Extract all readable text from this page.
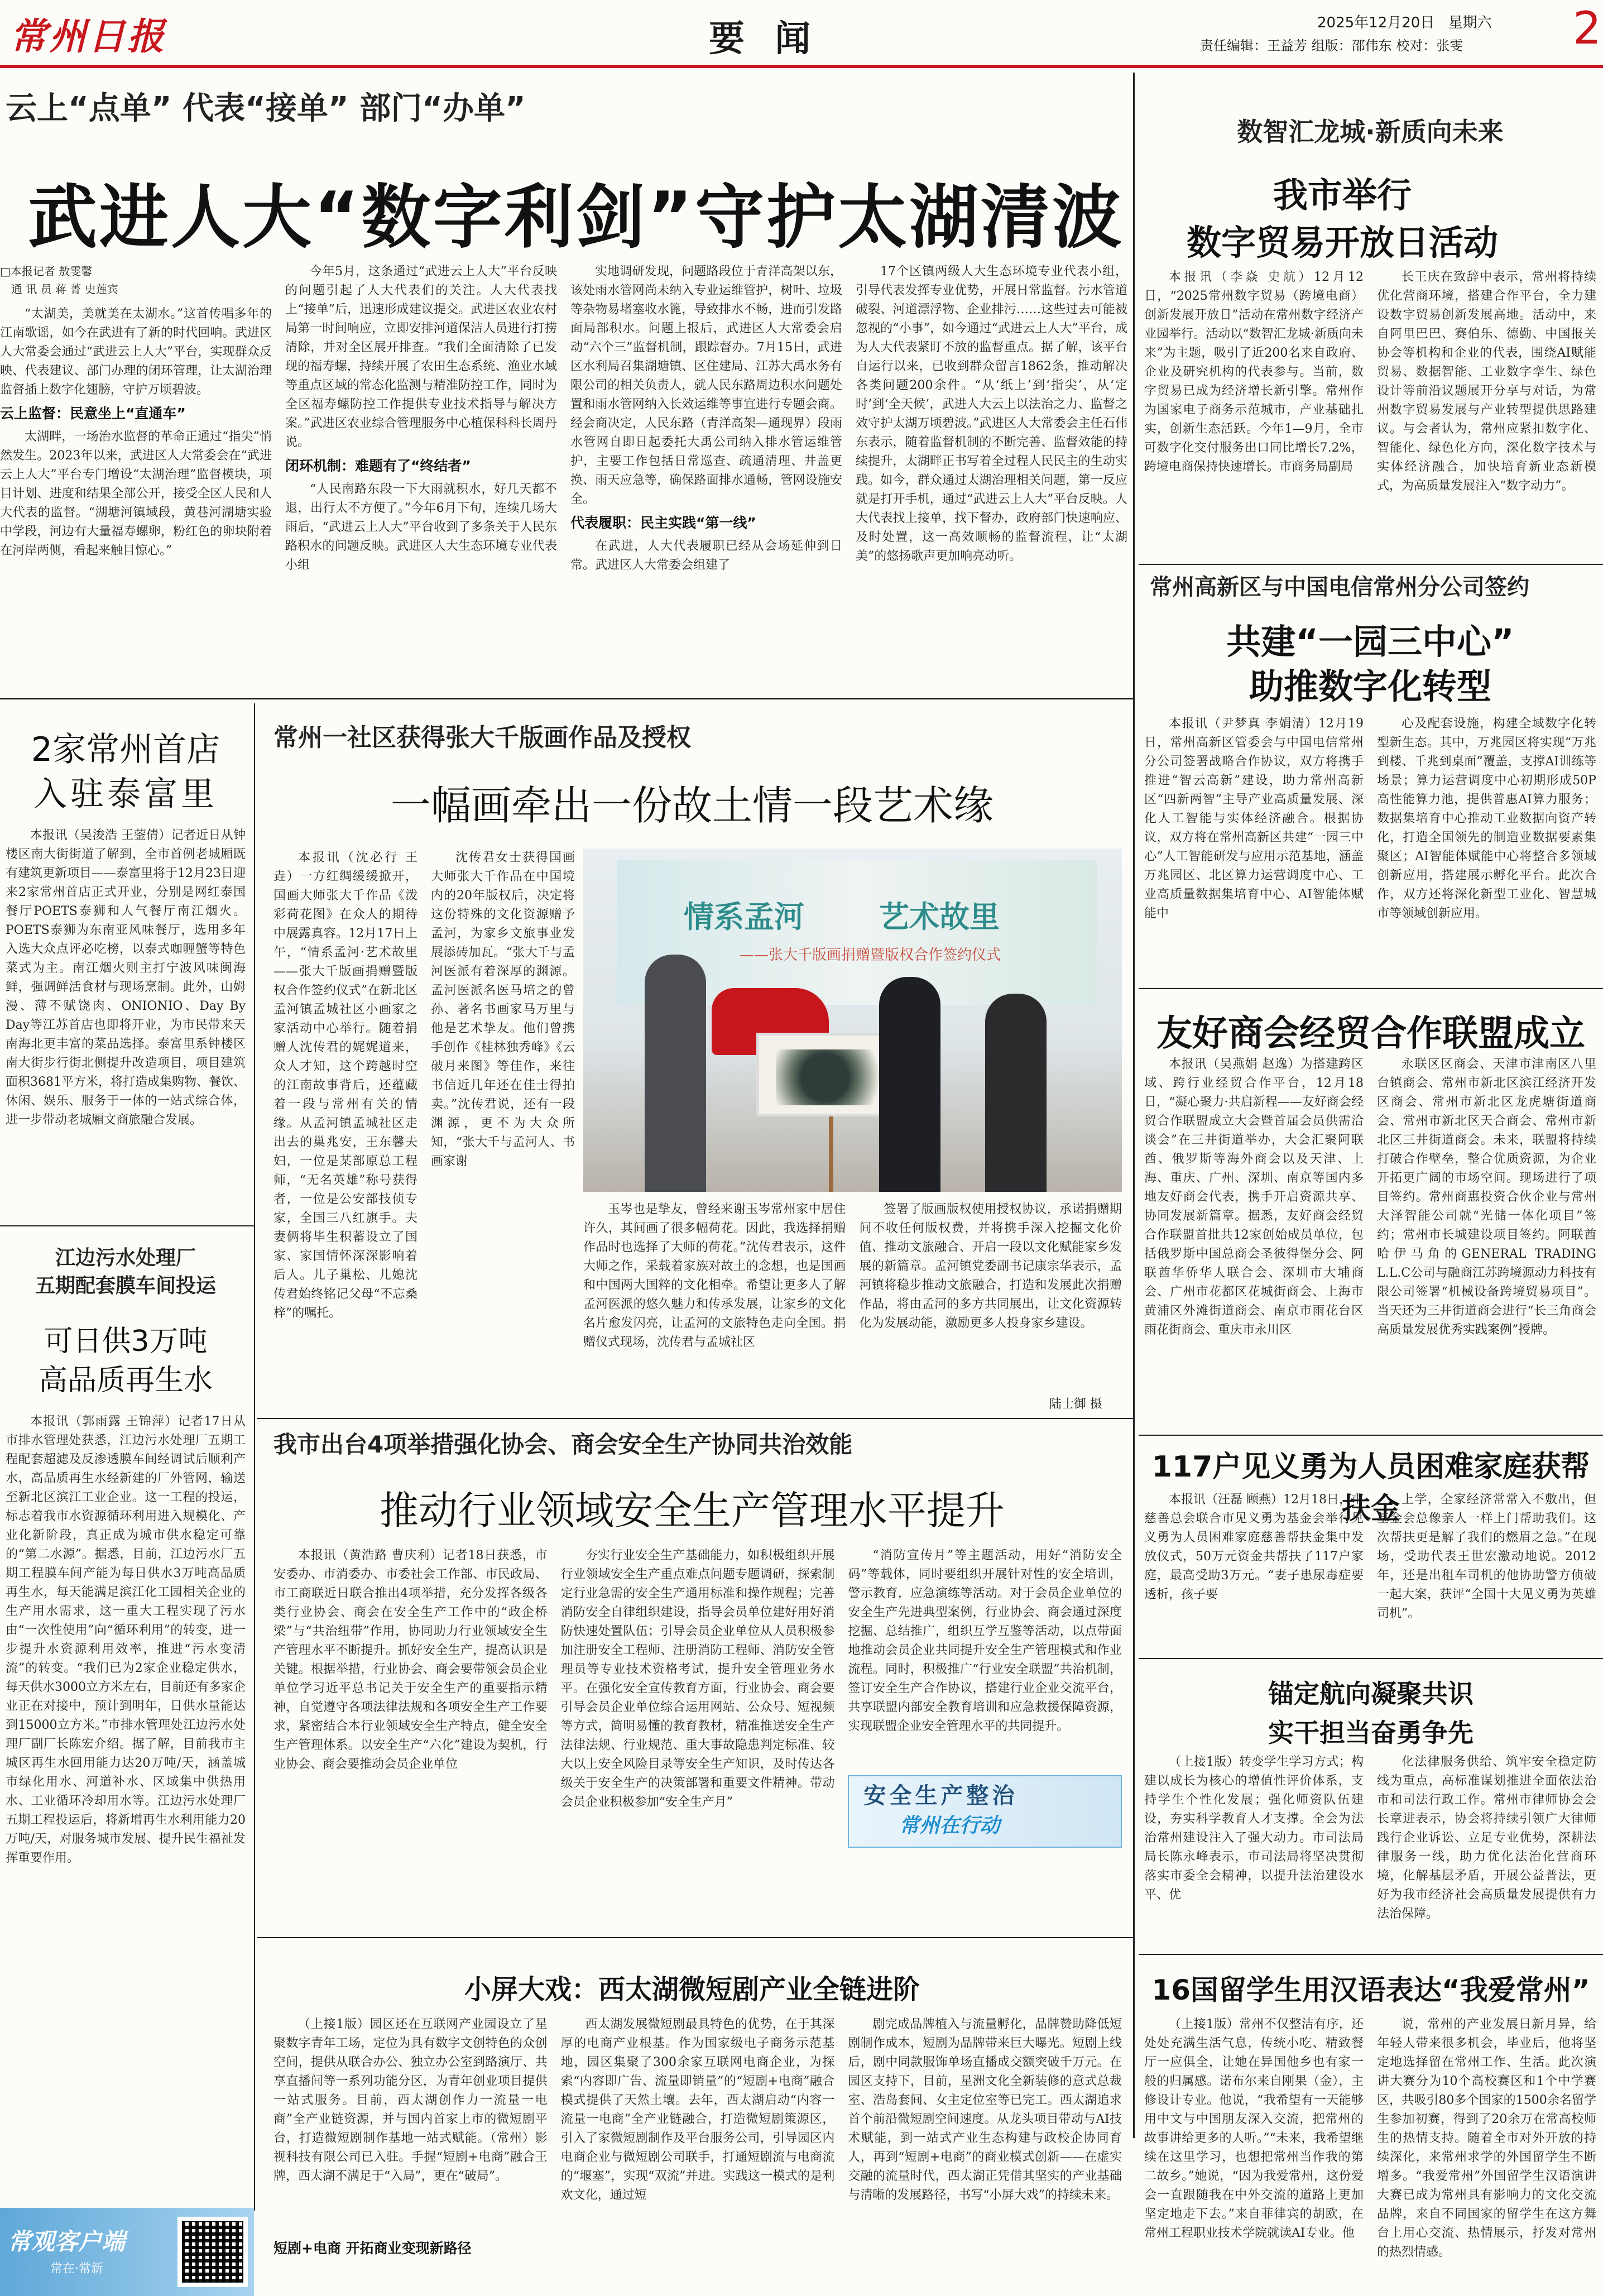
常州日报	要 闻	2025年12月20日 星期六
责任编辑：王益芳 组版：邵伟东 校对：张雯 2
云上“点单” 代表“接单” 部门“办单”
武进人大“数字利剑”守护太湖清波
□本报记者 敖雯馨
通 讯 员 蒋 菁 史莲宾

“太湖美，美就美在太湖水。”这首传唱多年的江南歌谣，如今在武进有了新的时代回响。武进区人大常委会通过“武进云上人大”平台，实现群众反映、代表建议、部门办理的闭环管理，让太湖治理监督插上数字化翅膀，守护万顷碧波。

云上监督：民意坐上“直通车”

太湖畔，一场治水监督的革命正通过“指尖”悄然发生。2023年以来，武进区人大常委会在“武进云上人大”平台专门增设“太湖治理”监督模块，项目计划、进度和结果全部公开，接受全区人民和人大代表的监督。“湖塘河镇域段，黄巷河湖塘实验中学段，河边有大量福寿螺卵，粉红色的卵块附着在河岸两侧，看起来触目惊心。”

今年5月，这条通过“武进云上人大”平台反映的问题引起了人大代表们的关注。人大代表找上“接单”后，迅速形成建议提交。武进区农业农村局第一时间响应，立即安排河道保洁人员进行打捞清除，并对全区展开排查。“我们全面清除了已发现的福寿螺，持续开展了农田生态系统、渔业水域等重点区域的常态化监测与精准防控工作，同时为全区福寿螺防控工作提供专业技术指导与解决方案。”武进区农业综合管理服务中心植保科科长周丹说。

闭环机制：难题有了“终结者”

“人民南路东段一下大雨就积水，好几天都不退，出行太不方便了。”今年6月下旬，连续几场大雨后，“武进云上人大”平台收到了多条关于人民东路积水的问题反映。武进区人大生态环境专业代表小组

实地调研发现，问题路段位于青洋高架以东，该处雨水管网尚未纳入专业运维管护，树叶、垃圾等杂物易堵塞收水篦，导致排水不畅，进而引发路面局部积水。问题上报后，武进区人大常委会启动“六个三”监督机制，跟踪督办。7月15日，武进区水利局召集湖塘镇、区住建局、江苏大禹水务有限公司的相关负责人，就人民东路周边积水问题处置和雨水管网纳入长效运维等事宜进行专题会商。经会商决定，人民东路（青洋高架—通现界）段雨水管网自即日起委托大禹公司纳入排水管运维管护，主要工作包括日常巡查、疏通清理、井盖更换、雨天应急等，确保路面排水通畅，管网设施安全。

代表履职：民主实践“第一线”

在武进，人大代表履职已经从会场延伸到日常。武进区人大常委会组建了

17个区镇两级人大生态环境专业代表小组，引导代表发挥专业优势，开展日常监督。污水管道破裂、河道漂浮物、企业排污……这些过去可能被忽视的“小事”，如今通过“武进云上人大”平台，成为人大代表紧盯不放的监督重点。据了解，该平台自运行以来，已收到群众留言1862条，推动解决各类问题200余件。“从‘纸上’到‘指尖’，从‘定时’到‘全天候’，武进人大云上以法治之力、监督之效守护太湖万顷碧波。”武进区人大常委会主任石伟东表示，随着监督机制的不断完善、监督效能的持续提升，太湖畔正书写着全过程人民民主的生动实践。如今，群众通过太湖治理相关问题，第一反应就是打开手机，通过“武进云上人大”平台反映。人大代表找上接单，找下督办，政府部门快速响应、及时处置，这一高效顺畅的监督流程，让“太湖美”的悠扬歌声更加响亮动听。

数智汇龙城·新质向未来
我市举行
数字贸易开放日活动

本报讯（李焱 史航）12月12日，“2025常州数字贸易（跨境电商）创新发展开放日”活动在常州数字经济产业园举行。活动以“数智汇龙城·新质向未来”为主题，吸引了近200名来自政府、企业及研究机构的代表参与。当前，数字贸易已成为经济增长新引擎。常州作为国家电子商务示范城市，产业基础扎实，创新生态活跃。今年1—9月，全市可数字化交付服务出口同比增长7.2%，跨境电商保持快速增长。市商务局副局

长王庆在致辞中表示，常州将持续优化营商环境，搭建合作平台，全力建设数字贸易创新发展高地。活动中，来自阿里巴巴、赛伯乐、德勤、中国报关协会等机构和企业的代表，围绕AI赋能贸易、数据智能、工业数字孪生、绿色设计等前沿议题展开分享与对话，为常州数字贸易发展与产业转型提供思路建议。与会者认为，常州应紧扣数字化、智能化、绿色化方向，深化数字技术与实体经济融合，加快培育新业态新模式，为高质量发展注入“数字动力”。

常州高新区与中国电信常州分公司签约
共建“一园三中心”
助推数字化转型

本报讯（尹梦真 李娟清）12月19日，常州高新区管委会与中国电信常州分公司签署战略合作协议，双方将携手推进“智云高新”建设，助力常州高新区“四新两智”主导产业高质量发展、深化人工智能与实体经济融合。根据协议，双方将在常州高新区共建“一园三中心”人工智能研发与应用示范基地，涵盖万兆园区、北区算力运营调度中心、工业高质量数据集培育中心、AI智能体赋能中

心及配套设施，构建全域数字化转型新生态。其中，万兆园区将实现“万兆到楼、千兆到桌面”覆盖，支撑AI训练等场景；算力运营调度中心初期形成50P高性能算力池，提供普惠AI算力服务；数据集培育中心推动工业数据向资产转化，打造全国领先的制造业数据要素集聚区；AI智能体赋能中心将整合多领域创新应用，搭建展示孵化平台。此次合作，双方还将深化新型工业化、智慧城市等领域创新应用。

友好商会经贸合作联盟成立

本报讯（吴燕娟 赵逸）为搭建跨区域、跨行业经贸合作平台，12月18日，“凝心聚力·共启新程——友好商会经贸合作联盟成立大会暨首届会员供需洽谈会”在三井街道举办，大会汇聚阿联酋、俄罗斯等海外商会以及天津、上海、重庆、广州、深圳、南京等国内多地友好商会代表，携手开启资源共享、协同发展新篇章。据悉，友好商会经贸合作联盟首批共12家创始成员单位，包括俄罗斯中国总商会圣彼得堡分会、阿联酋华侨华人联合会、深圳市大埔商会、广州市花都区花城街商会、上海市黄浦区外滩街道商会、南京市雨花台区雨花街商会、重庆市永川区

永联区区商会、天津市津南区八里台镇商会、常州市新北区滨江经济开发区商会、常州市新北区龙虎塘街道商会、常州市新北区天合商会、常州市新北区三井街道商会。未来，联盟将持续打破合作壁垒，整合优质资源，为企业开拓更广阔的市场空间。现场进行了项目签约。常州商惠投资合伙企业与常州大泽智能公司就“光储一体化项目”签约；常州市长城建设项目签约。阿联酋哈伊马角的GENERAL TRADING L.L.C公司与融商江苏跨境源动力科技有限公司签署“机械设备跨境贸易项目”。当天还为三井街道商会进行“长三角商会高质量发展优秀实践案例”授牌。

117户见义勇为人员困难家庭获帮扶金

本报讯（汪磊 顾燕）12月18日，市慈善总会联合市见义勇为基金会举行见义勇为人员困难家庭慈善帮扶金集中发放仪式，50万元资金共帮扶了117户家庭，最高受助3万元。“妻子患尿毒症要透析，孩子要

上学，全家经济常常入不敷出，但基金会总像亲人一样上门帮助我们。这次帮扶更是解了我们的燃眉之急。”在现场，受助代表王世宏激动地说。2012年，还是出租车司机的他协助警方侦破一起大案，获评“全国十大见义勇为英雄司机”。

锚定航向凝聚共识
实干担当奋勇争先

（上接1版）转变学生学习方式；构建以成长为核心的增值性评价体系，支持学生个性化发展；强化师资队伍建设，夯实科学教育人才支撑。全会为法治常州建设注入了强大动力。市司法局局长陈永峰表示，市司法局将坚决贯彻落实市委全会精神，以提升法治建设水平、优

化法律服务供给、筑牢安全稳定防线为重点，高标准谋划推进全面依法治市和司法行政工作。常州市律师协会会长章进表示，协会将持续引领广大律师践行企业诉讼、立足专业优势，深耕法律服务一线，助力优化法治化营商环境，化解基层矛盾，开展公益普法，更好为我市经济社会高质量发展提供有力法治保障。

16国留学生用汉语表达“我爱常州”

（上接1版）常州不仅整洁有序，还处处充满生活气息，传统小吃、精致餐厅一应俱全，让她在异国他乡也有家一般的归属感。诺布尔来自刚果（金），主修设计专业。他说，“我希望有一天能够用中文与中国朋友深入交流，把常州的故事讲给更多的人听。”“未来，我希望继续在这里学习，也想把常州当作我的第二故乡。”她说，“因为我爱常州，这份爱会一直跟随我在中外交流的道路上更加坚定地走下去。”来自菲律宾的胡欧，在常州工程职业技术学院就读AI专业。他

说，常州的产业发展日新月异，给年轻人带来很多机会，毕业后，他将坚定地选择留在常州工作、生活。此次演讲大赛分为10个高校赛区和1个中学赛区，共吸引80多个国家的1500余名留学生参加初赛，得到了20余万在常高校师生的热情支持。随着全市对外开放的持续深化，来常州求学的外国留学生不断增多。“我爱常州”外国留学生汉语演讲大赛已成为常州具有影响力的文化交流品牌，来自不同国家的留学生在这方舞台上用心交流、热情展示，抒发对常州的热烈情感。

2家常州首店
入驻泰富里

本报讯（吴浚浩 王蓥倩）记者近日从钟楼区南大街街道了解到，全市首例老城厢既有建筑更新项目——泰富里将于12月23日迎来2家常州首店正式开业，分别是网红泰国餐厅POETS泰狮和人气餐厅南江烟火。POETS泰狮为东南亚风味餐厅，选用多年入选大众点评必吃榜，以泰式咖喱蟹等特色菜式为主。南江烟火则主打宁波风味闽海鲜，强调鲜活食材与现场烹制。此外，山姆漫、薄不赋饶肉、ONIONIO、Day By Day等江苏首店也即将开业，为市民带来天南海北更丰富的菜品选择。泰富里系钟楼区南大街步行街北侧提升改造项目，项目建筑面积3681平方米，将打造成集购物、餐饮、休闲、娱乐、服务于一体的一站式综合体，进一步带动老城厢文商旅融合发展。

江边污水处理厂
五期配套膜车间投运
可日供3万吨
高品质再生水

本报讯（郭雨露 王锦萍）记者17日从市排水管理处获悉，江边污水处理厂五期工程配套超滤及反渗透膜车间经调试后顺利产水，高品质再生水经新建的厂外管网，输送至新北区滨江工业企业。这一工程的投运，标志着我市水资源循环利用进入规模化、产业化新阶段，真正成为城市供水稳定可靠的“第二水源”。据悉，目前，江边污水厂五期工程膜车间产能为每日供水3万吨高品质再生水，每天能满足滨江化工园相关企业的生产用水需求，这一重大工程实现了污水由“一次性使用”向“循环利用”的转变，进一步提升水资源利用效率，推进“污水变清流”的转变。“我们已为2家企业稳定供水，每天供水3000立方米左右，目前还有多家企业正在对接中，预计到明年，日供水量能达到15000立方米。”市排水管理处江边污水处理厂副厂长陈宏介绍。据了解，目前我市主城区再生水回用能力达20万吨/天，涵盖城市绿化用水、河道补水、区域集中供热用水、工业循环冷却用水等。江边污水处理厂五期工程投运后，将新增再生水利用能力20万吨/天，对服务城市发展、提升民生福祉发挥重要作用。

常观客户端
常在·常新
常州一社区获得张大千版画作品及授权
一幅画牵出一份故土情一段艺术缘

本报讯（沈必行 王垚）一方红绸缓缓掀开，国画大师张大千作品《泼彩荷花图》在众人的期待中展露真容。12月17日上午，“情系孟河·艺术故里——张大千版画捐赠暨版权合作签约仪式”在新北区孟河镇孟城社区小画家之家活动中心举行。随着捐赠人沈传君的娓娓道来，众人才知，这个跨越时空的江南故事背后，还蕴藏着一段与常州有关的情缘。从孟河镇孟城社区走出去的巢兆安，王东馨夫妇，一位是某部原总工程师，“无名英雄”称号获得者，一位是公安部技侦专家，全国三八红旗手。夫妻俩将毕生积蓄设立了国家、家国情怀深深影响着后人。儿子巢松、儿媳沈传君始终铭记父母“不忘桑梓”的嘱托。

沈传君女士获得国画大师张大千作品在中国境内的20年版权后，决定将这份特殊的文化资源赠予孟河，为家乡文旅事业发展添砖加瓦。“张大千与孟河医派有着深厚的渊源。孟河医派名医马培之的曾孙、著名书画家马万里与他是艺术挚友。他们曾携手创作《桂林独秀峰》《云破月来图》等佳作，来往书信近几年还在佳士得拍卖。”沈传君说，还有一段渊源，更不为大众所知，“张大千与孟河人、书画家谢

情系孟河 艺术故里
——张大千版画捐赠暨版权合作签约仪式

玉岑也是挚友，曾经来谢玉岑常州家中居住许久，其间画了很多幅荷花。因此，我选择捐赠作品时也选择了大师的荷花。”沈传君表示，这件大师之作，采载着家族对故土的念想，也是国画和中国两大国粹的文化相牵。希望让更多人了解孟河医派的悠久魅力和传承发展，让家乡的文化名片愈发闪亮，让孟河的文旅特色走向全国。捐赠仪式现场，沈传君与孟城社区

签署了版画版权使用授权协议，承诺捐赠期间不收任何版权费，并将携手深入挖掘文化价值、推动文旅融合、开启一段以文化赋能家乡发展的新篇章。孟河镇党委副书记康宗华表示，孟河镇将稳步推动文旅融合，打造和发展此次捐赠作品，将由孟河的多方共同展出，让文化资源转化为发展动能，激励更多人投身家乡建设。

陆士御 摄
我市出台4项举措强化协会、商会安全生产协同共治效能
推动行业领域安全生产管理水平提升

本报讯（黄浩路 曹庆利）记者18日获悉，市安委办、市消委办、市委社会工作部、市民政局、市工商联近日联合推出4项举措，充分发挥各级各类行业协会、商会在安全生产工作中的“政企桥梁”与“共治纽带”作用，协同助力行业领域安全生产管理水平不断提升。抓好安全生产，提高认识是关键。根据举措，行业协会、商会要带领会员企业单位学习近平总书记关于安全生产的重要指示精神，自觉遵守各项法律法规和各项安全生产工作要求，紧密结合本行业领域安全生产特点，健全安全生产管理体系。以安全生产“六化”建设为契机，行业协会、商会要推动会员企业单位

夯实行业安全生产基础能力，如积极组织开展行业领域安全生产重点难点问题专题调研，探索制定行业急需的安全生产通用标准和操作规程；完善消防安全自律组织建设，指导会员单位建好用好消防快速处置队伍；引导会员企业单位从人员积极参加注册安全工程师、注册消防工程师、消防安全管理员等专业技术资格考试，提升安全管理业务水平。在强化安全宣传教育方面，行业协会、商会要引导会员企业单位综合运用网站、公众号、短视频等方式，简明易懂的教育教材，精准推送安全生产法律法规、行业规范、重大事故隐患判定标准、较大以上安全风险目录等安全生产知识，及时传达各级关于安全生产的决策部署和重要文件精神。带动会员企业积极参加“安全生产月”

“消防宣传月”等主题活动，用好“消防安全码”等载体，同时要组织开展针对性的安全培训，警示教育，应急演练等活动。对于会员企业单位的安全生产先进典型案例，行业协会、商会通过深度挖掘、总结推广，组织互学互鉴等活动，以点带面地推动会员企业共同提升安全生产管理模式和作业流程。同时，积极推广“行业安全联盟”共治机制，签订安全生产合作协议，搭建行业企业交流平台，共享联盟内部安全教育培训和应急救援保障资源，实现联盟企业安全管理水平的共同提升。

安全生产整治
常州在行动
小屏大戏：西太湖微短剧产业全链进阶

（上接1版）园区还在互联网产业园设立了星聚数字青年工场，定位为具有数字文创特色的众创空间，提供从联合办公、独立办公室到路演厅、共享直播间等一系列功能分区，为青年创业项目提供一站式服务。目前，西太湖创作力一流量一电商”全产业链资源，并与国内首家上市的微短剧平台，打造微短剧制作基地一站式赋能。（常州）影视科技有限公司已入驻。手握“短剧+电商”融合王牌，西太湖不满足于“入局”，更在“破局”。

西太湖发展微短剧最具特色的优势，在于其深厚的电商产业根基。作为国家级电子商务示范基地，园区集聚了300余家互联网电商企业，为探索“内容即广告、流量即销量”的“短剧+电商”融合模式提供了天然土壤。去年，西太湖启动“内容一流量一电商”全产业链融合，打造微短剧策源区，引入了家微短剧制作及平台服务公司，引导园区内电商企业与微短剧公司联手，打通短剧流与电商流的“堰塞”，实现“双流”并进。实践这一模式的是利欢文化，通过短

剧完成品牌植入与流量孵化，品牌赞助降低短剧制作成本，短剧为品牌带来巨大曝光。短剧上线后，剧中同款服饰单场直播成交额突破千万元。在园区支持下，目前，星洲文化全新装修的意式总裁室、浩岛套间、女主定位室等已完工。西太湖追求首个前沿微短剧空间速度。从龙头项目带动与AI技术赋能，到一站式产业生态构建与政校企协同育人，再到“短剧+电商”的商业模式创新——在虚实交融的流量时代，西太湖正凭借其坚实的产业基础与清晰的发展路径，书写“小屏大戏”的持续未来。

短剧+电商 开拓商业变现新路径
